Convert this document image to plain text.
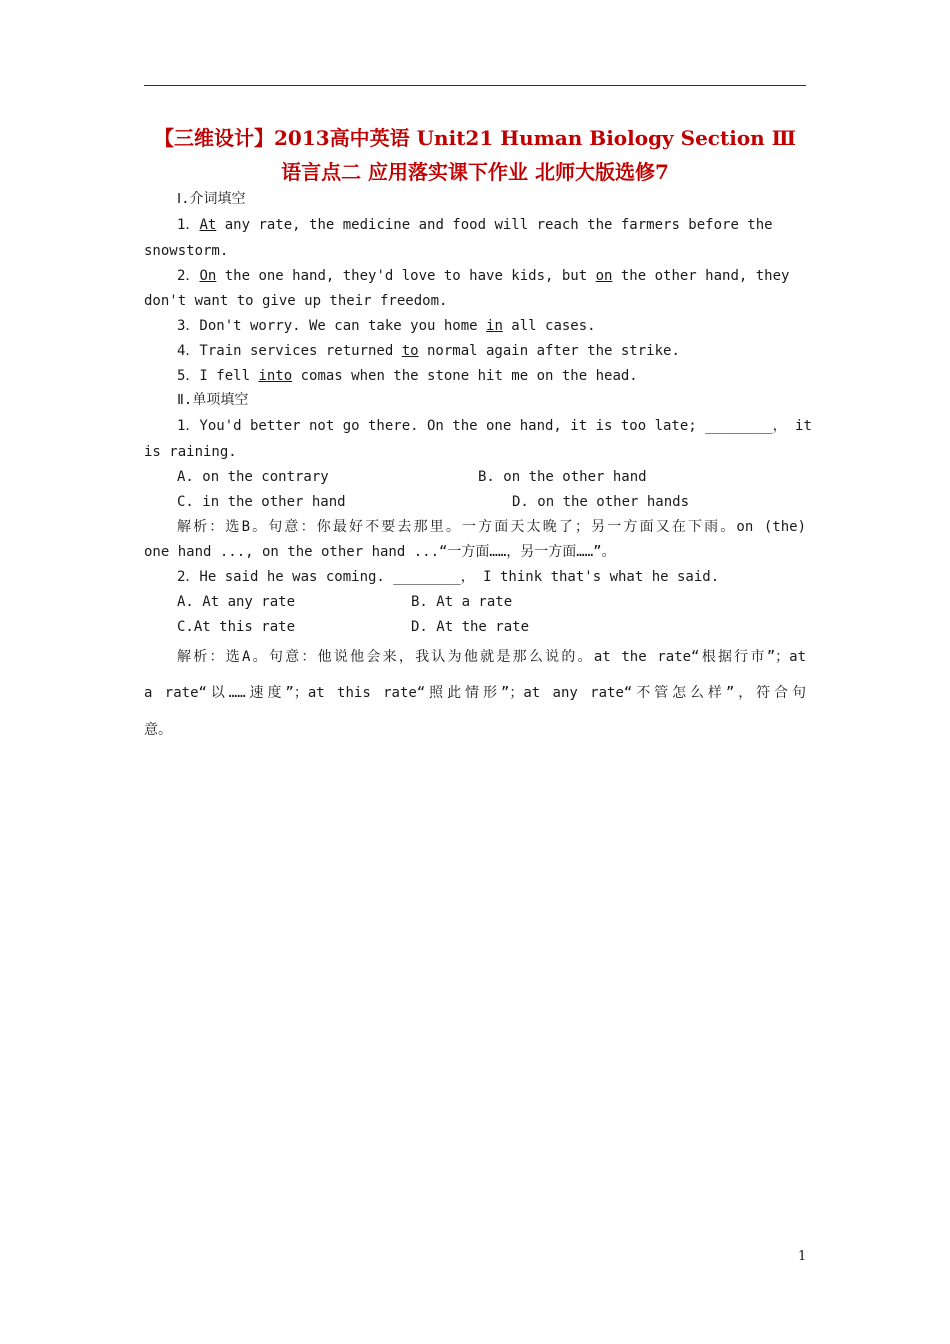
【三维设计】2013高中英语 Unit21 Human Biology Section Ⅲ
语言点二 应用落实课下作业 北师大版选修7
Ⅰ.介词填空
1．At any rate, the medicine and food will reach the farmers before the
snowstorm.
2．On the one hand, they'd love to have kids, but on the other hand, they
don't want to give up their freedom.
3．Don't worry. We can take you home in all cases.
4．Train services returned to normal again after the strike.
5．I fell into comas when the stone hit me on the head.
Ⅱ.单项填空
1．You'd better not go there. On the one hand, it is too late; ________， it
is raining.
A. on the contrary	B. on the other hand
C. in the other hand	D. on the other hands
解析：选B。句意：你最好不要去那里。一方面天太晚了；另一方面又在下雨。on (the)
one hand ..., on the other hand ...“一方面……，另一方面……”。
2．He said he was coming. ________， I think that's what he said.
A. At any rate	B. At a rate
C.At this rate	D. At the rate
解析：选A。句意：他说他会来，我认为他就是那么说的。at the rate“根据行市”；at
a rate“以……速度”；at this rate“照此情形”；at any rate“不管怎么样”，符合句
意。
1
